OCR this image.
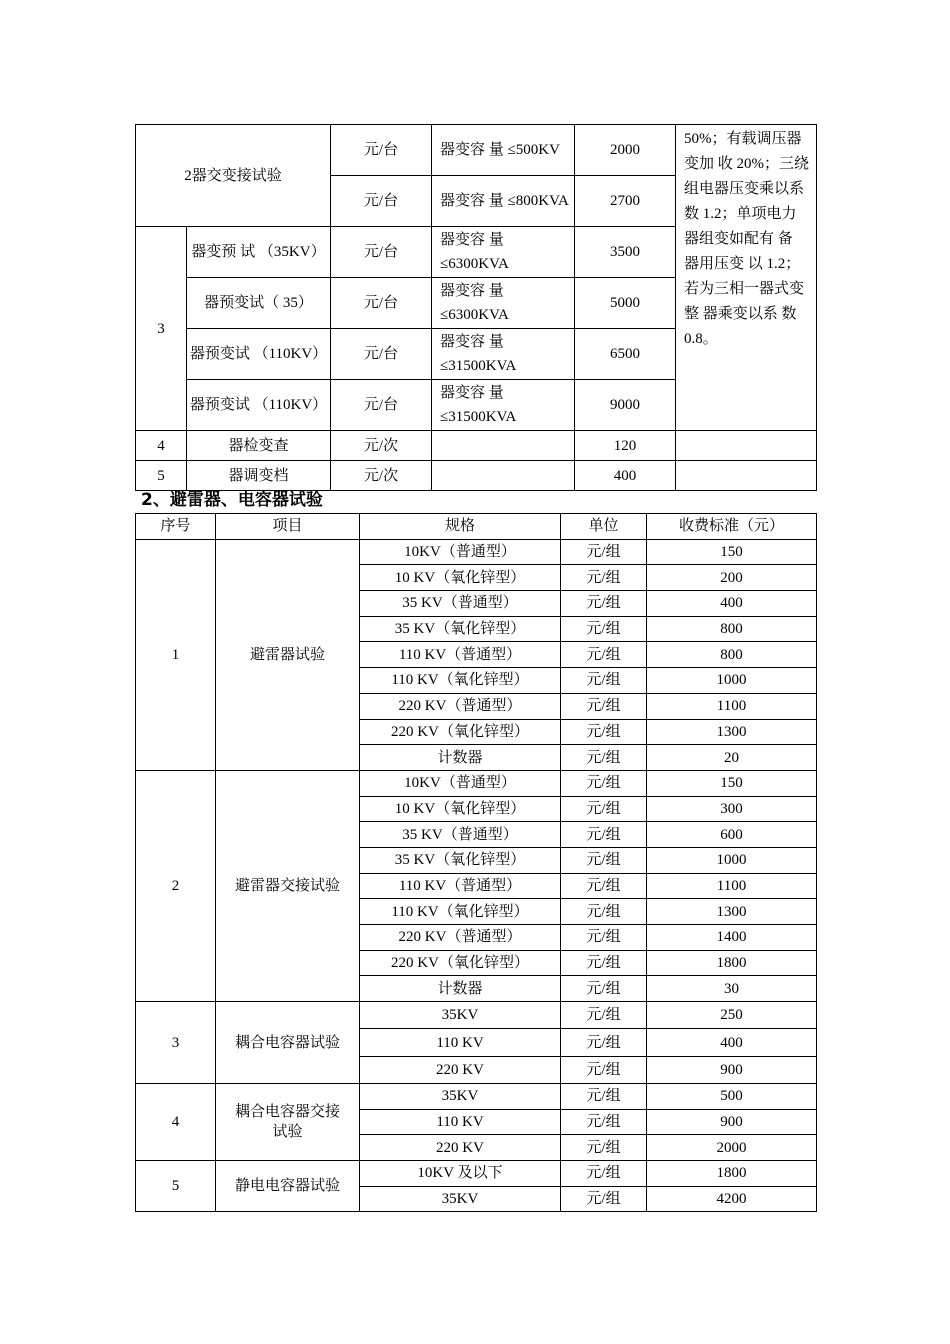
2器交变接试验		元/台	器变容 量 ≤500KV	2000	50%；有载调压器变加 收 20%；三绕组电器压变乘以系 数 1.2；单项电力器组变如配有 备 器用压变 以 1.2；若为三相一器式变整 器乘变以系 数 0.8。
		元/台	器变容 量 ≤800KVA	2700	
3	器变预 试 （35KV）	元/台	器变容 量 ≤6300KVA	3500	
	器预变试（ 35）	元/台	器变容 量 ≤6300KVA	5000	
	器预变试 （110KV）	元/台	器变容 量 ≤31500KVA	6500	
	器预变试 （110KV）	元/台	器变容 量 ≤31500KVA	9000	
4	器检变查	元/次		120	
5	器调变档	元/次		400	

2、避雷器、电容器试验

序号	项目	规格	单位	收费标准（元）
1	避雷器试验	10KV（普通型）	元/组	150
		10 KV（氧化锌型）	元/组	200
		35 KV（普通型）	元/组	400
		35 KV（氧化锌型）	元/组	800
		110 KV（普通型）	元/组	800
		110 KV（氧化锌型）	元/组	1000
		220 KV（普通型）	元/组	1100
		220 KV（氧化锌型）	元/组	1300
		计数器	元/组	20
2	避雷器交接试验	10KV（普通型）	元/组	150
		10 KV（氧化锌型）	元/组	300
		35 KV（普通型）	元/组	600
		35 KV（氧化锌型）	元/组	1000
		110 KV（普通型）	元/组	1100
		110 KV（氧化锌型）	元/组	1300
		220 KV（普通型）	元/组	1400
		220 KV（氧化锌型）	元/组	1800
		计数器	元/组	30
3	耦合电容器试验	35KV	元/组	250
		110 KV	元/组	400
		220 KV	元/组	900
4	耦合电容器交接试验	35KV	元/组	500
		110 KV	元/组	900
		220 KV	元/组	2000
5	静电电容器试验	10KV 及以下	元/组	1800
		35KV	元/组	4200
